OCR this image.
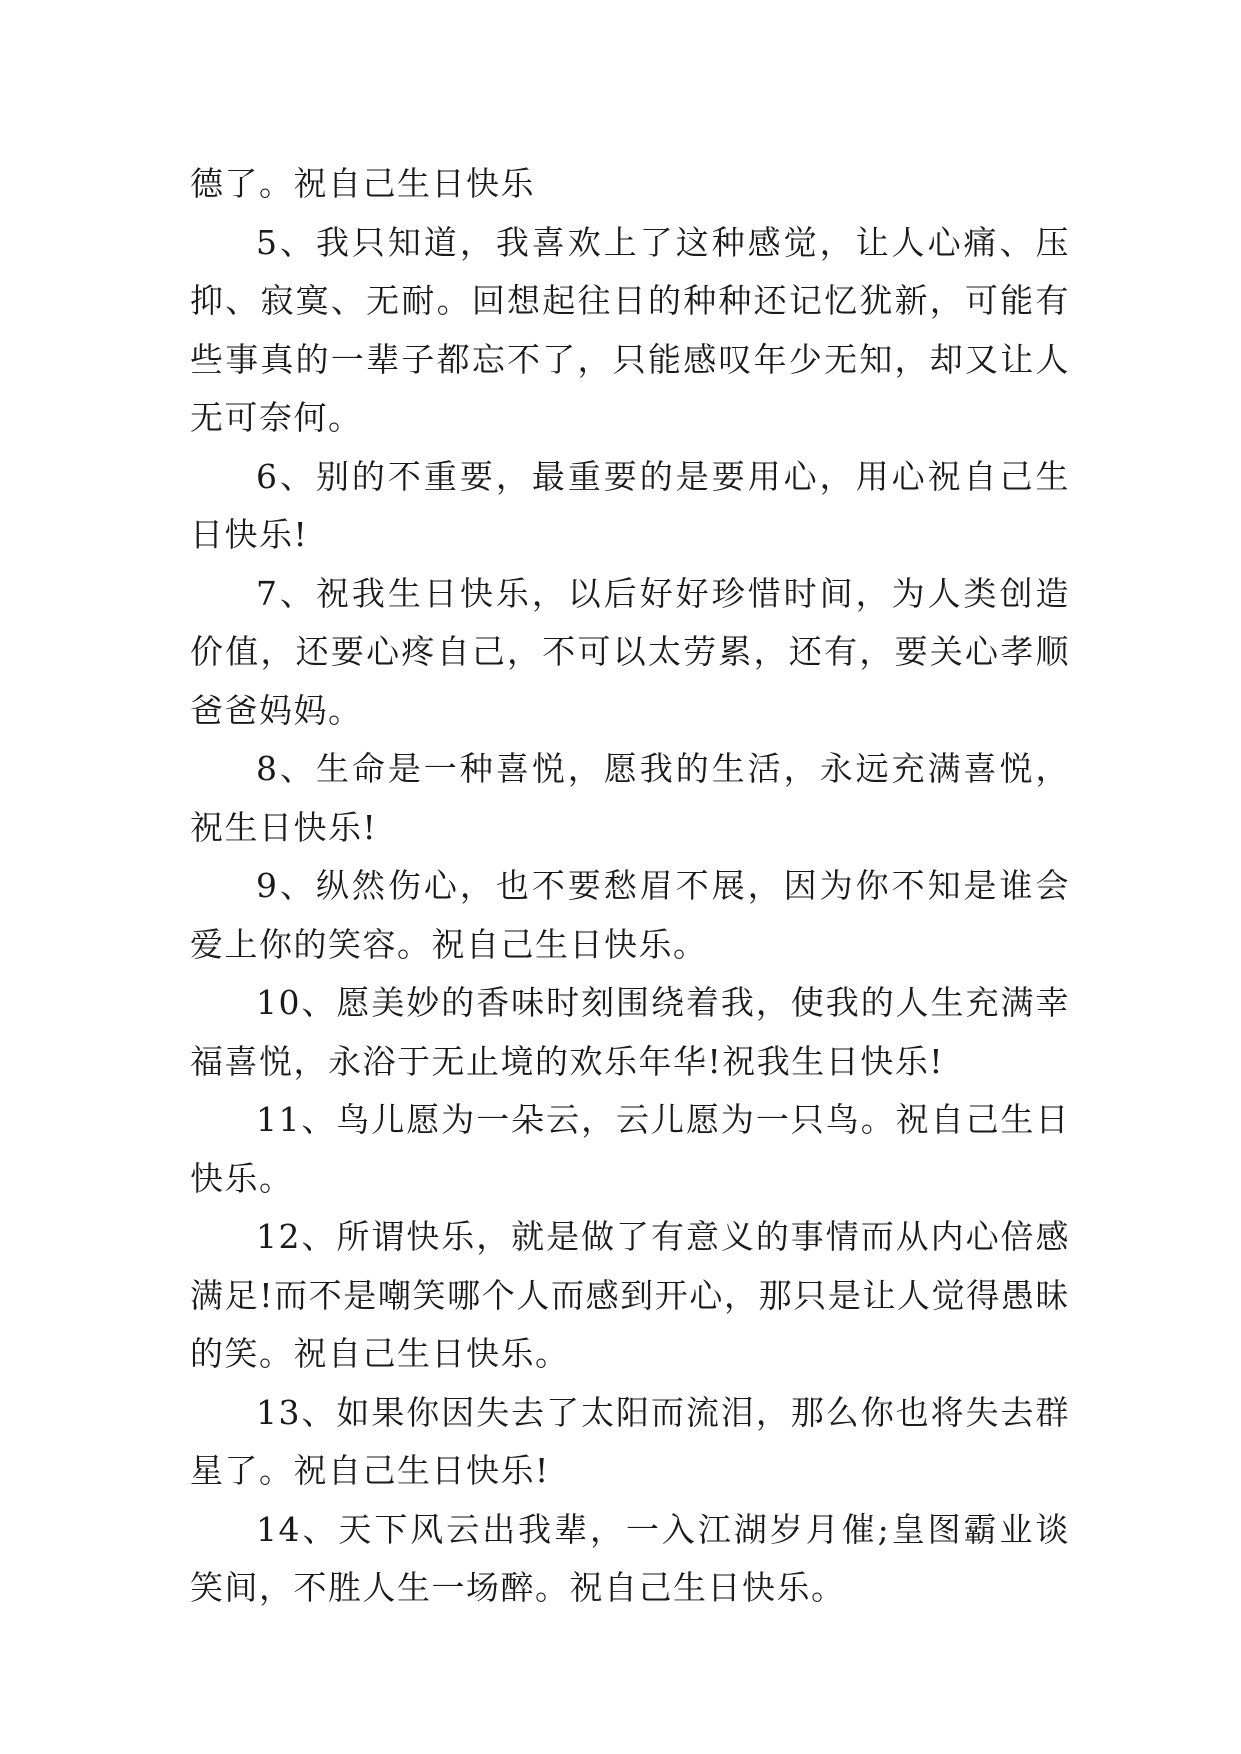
德了。祝自己生日快乐

5、我只知道，我喜欢上了这种感觉，让人心痛、压抑、寂寞、无耐。回想起往日的种种还记忆犹新，可能有些事真的一辈子都忘不了，只能感叹年少无知，却又让人无可奈何。

6、别的不重要，最重要的是要用心，用心祝自己生日快乐!

7、祝我生日快乐，以后好好珍惜时间，为人类创造价值，还要心疼自己，不可以太劳累，还有，要关心孝顺爸爸妈妈。

8、生命是一种喜悦，愿我的生活，永远充满喜悦，祝生日快乐!

9、纵然伤心，也不要愁眉不展，因为你不知是谁会爱上你的笑容。祝自己生日快乐。

10、愿美妙的香味时刻围绕着我，使我的人生充满幸福喜悦，永浴于无止境的欢乐年华!祝我生日快乐!

11、鸟儿愿为一朵云，云儿愿为一只鸟。祝自己生日快乐。

12、所谓快乐，就是做了有意义的事情而从内心倍感满足!而不是嘲笑哪个人而感到开心，那只是让人觉得愚昧的笑。祝自己生日快乐。

13、如果你因失去了太阳而流泪，那么你也将失去群星了。祝自己生日快乐!

14、天下风云出我辈，一入江湖岁月催;皇图霸业谈笑间，不胜人生一场醉。祝自己生日快乐。
